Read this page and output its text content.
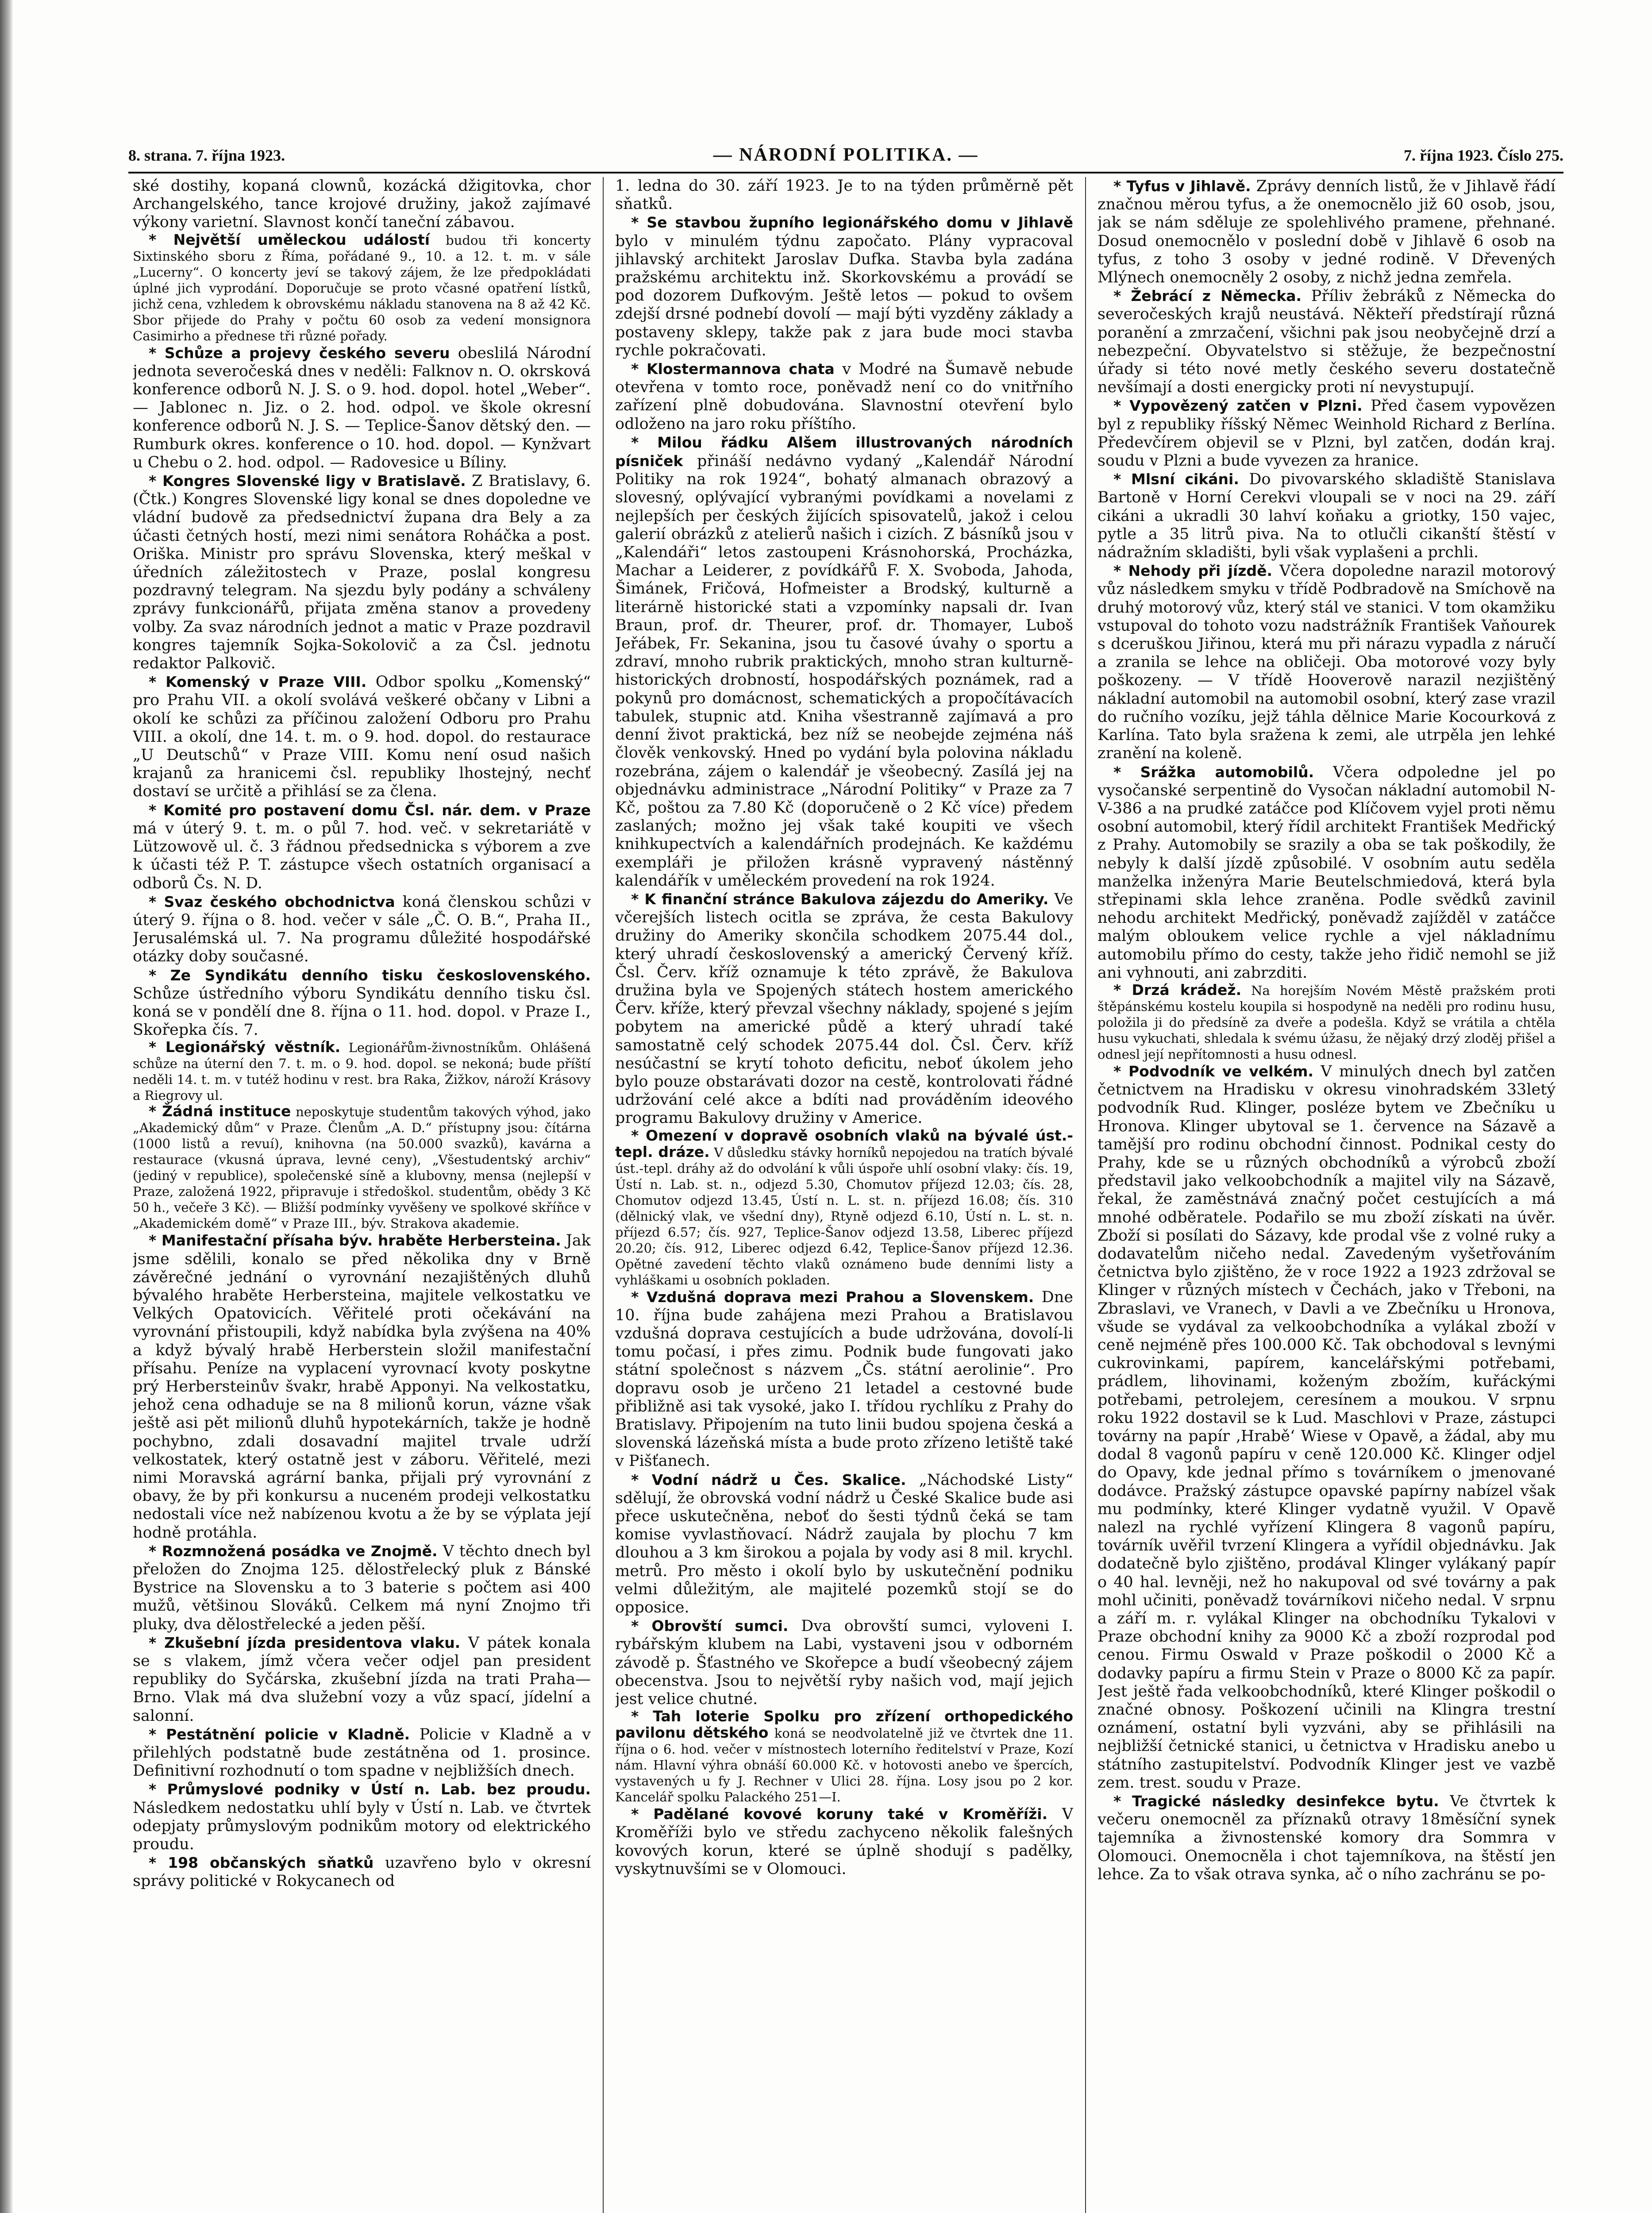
8. strana. 7. října 1923.	— NÁRODNÍ POLITIKA. —	7. října 1923. Číslo 275.

ské dostihy, kopaná clownů, kozácká džigitovka, chor Archangelského, tance krojové družiny, jakož zajímavé výkony varietní. Slavnost končí taneční zábavou.

* Největší uměleckou událostí budou tři koncerty Sixtinského sboru z Říma, pořádané 9., 10. a 12. t. m. v sále „Lucerny“. O koncerty jeví se takový zájem, že lze předpokládati úplné jich vyprodání. Doporučuje se proto včasné opatření lístků, jichž cena, vzhledem k obrovskému nákladu stanovena na 8 až 42 Kč. Sbor přijede do Prahy v počtu 60 osob za vedení monsignora Casimirho a přednese tři různé pořady.

* Schůze a projevy českého severu obeslilá Národní jednota severočeská dnes v neděli: Falknov n. O. okrsková konference odborů N. J. S. o 9. hod. dopol. hotel „Weber“. — Jablonec n. Jiz. o 2. hod. odpol. ve škole okresní konference odborů N. J. S. — Teplice-Šanov dětský den. — Rumburk okres. konference o 10. hod. dopol. — Kynžvart u Chebu o 2. hod. odpol. — Radovesice u Bíliny.

* Kongres Slovenské ligy v Bratislavě. Z Bratislavy, 6. (Čtk.) Kongres Slovenské ligy konal se dnes dopoledne ve vládní budově za předsednictví župana dra Bely a za účasti četných hostí, mezi nimi senátora Roháčka a post. Oriška. Ministr pro správu Slovenska, který meškal v úředních záležitostech v Praze, poslal kongresu pozdravný telegram. Na sjezdu byly podány a schváleny zprávy funkcionářů, přijata změna stanov a provedeny volby. Za svaz národních jednot a matic v Praze pozdravil kongres tajemník Sojka-Sokolovič a za Čsl. jednotu redaktor Palkovič.

* Komenský v Praze VIII. Odbor spolku „Komenský“ pro Prahu VII. a okolí svolává veškeré občany v Libni a okolí ke schůzi za příčinou založení Odboru pro Prahu VIII. a okolí, dne 14. t. m. o 9. hod. dopol. do restaurace „U Deutschů“ v Praze VIII. Komu není osud našich krajanů za hranicemi čsl. republiky lhostejný, nechť dostaví se určitě a přihlásí se za člena.

* Komité pro postavení domu Čsl. nár. dem. v Praze má v úterý 9. t. m. o půl 7. hod. več. v sekretariátě v Lützowově ul. č. 3 řádnou předsednicka s výborem a zve k účasti též P. T. zástupce všech ostatních organisací a odborů Čs. N. D.

* Svaz českého obchodnictva koná členskou schůzi v úterý 9. října o 8. hod. večer v sále „Č. O. B.“, Praha II., Jerusalémská ul. 7. Na programu důležité hospodářské otázky doby současné.

* Ze Syndikátu denního tisku československého. Schůze ústředního výboru Syndikátu denního tisku čsl. koná se v pondělí dne 8. října o 11. hod. dopol. v Praze I., Skořepka čís. 7.

* Legionářský věstník. Legionářům-živnostníkům. Ohlášená schůze na úterní den 7. t. m. o 9. hod. dopol. se nekoná; bude příští neděli 14. t. m. v tutéž hodinu v rest. bra Raka, Žižkov, nároží Krásovy a Riegrovy ul.

* Žádná instituce neposkytuje studentům takových výhod, jako „Akademický dům“ v Praze. Členům „A. D.“ přístupny jsou: čítárna (1000 listů a revuí), knihovna (na 50.000 svazků), kavárna a restaurace (vkusná úprava, levné ceny), „Všestudentský archiv“ (jediný v republice), společenské síně a klubovny, mensa (nejlepší v Praze, založená 1922, připravuje i středoškol. studentům, obědy 3 Kč 50 h., večeře 3 Kč). — Bližší podmínky vyvěšeny ve spolkové skříňce v „Akademickém domě“ v Praze III., býv. Strakova akademie.

* Manifestační přísaha býv. hraběte Herbersteina. Jak jsme sdělili, konalo se před několika dny v Brně závěrečné jednání o vyrovnání nezajištěných dluhů bývalého hraběte Herbersteina, majitele velkostatku ve Velkých Opatovicích. Věřitelé proti očekávání na vyrovnání přistoupili, když nabídka byla zvýšena na 40% a když bývalý hrabě Herberstein složil manifestační přísahu. Peníze na vyplacení vyrovnací kvoty poskytne prý Herbersteinův švakr, hrabě Apponyi. Na velkostatku, jehož cena odhaduje se na 8 milionů korun, vázne však ještě asi pět milionů dluhů hypotekárních, takže je hodně pochybno, zdali dosavadní majitel trvale udrží velkostatek, který ostatně jest v záboru. Věřitelé, mezi nimi Moravská agrární banka, přijali prý vyrovnání z obavy, že by při konkursu a nuceném prodeji velkostatku nedostali více než nabízenou kvotu a že by se výplata její hodně protáhla.

* Rozmnožená posádka ve Znojmě. V těchto dnech byl přeložen do Znojma 125. dělostřelecký pluk z Bánské Bystrice na Slovensku a to 3 baterie s počtem asi 400 mužů, většinou Slováků. Celkem má nyní Znojmo tři pluky, dva dělostřelecké a jeden pěší.

* Zkušební jízda presidentova vlaku. V pátek konala se s vlakem, jímž včera večer odjel pan president republiky do Syčárska, zkušební jízda na trati Praha—Brno. Vlak má dva služební vozy a vůz spací, jídelní a salonní.

* Pestátnění policie v Kladně. Policie v Kladně a v přilehlých podstatně bude zestátněna od 1. prosince. Definitivní rozhodnutí o tom spadne v nejbližších dnech.

* Průmyslové podniky v Ústí n. Lab. bez proudu. Následkem nedostatku uhlí byly v Ústí n. Lab. ve čtvrtek odepjaty průmyslovým podnikům motory od elektrického proudu.

* 198 občanských sňatků uzavřeno bylo v okresní správy politické v Rokycanech od

1. ledna do 30. září 1923. Je to na týden průměrně pět sňatků.

* Se stavbou župního legionářského domu v Jihlavě bylo v minulém týdnu započato. Plány vypracoval jihlavský architekt Jaroslav Dufka. Stavba byla zadána pražskému architektu inž. Skorkovskému a provádí se pod dozorem Dufkovým. Ještě letos — pokud to ovšem zdejší drsné podnebí dovolí — mají býti vyzděny základy a postaveny sklepy, takže pak z jara bude moci stavba rychle pokračovati.

* Klostermannova chata v Modré na Šumavě nebude otevřena v tomto roce, poněvadž není co do vnitřního zařízení plně dobudována. Slavnostní otevření bylo odloženo na jaro roku příštího.

* Milou řádku Alšem illustrovaných národních písniček přináší nedávno vydaný „Kalendář Národní Politiky na rok 1924“, bohatý almanach obrazový a slovesný, oplývající vybranými povídkami a novelami z nejlepších per českých žijících spisovatelů, jakož i celou galerií obrázků z atelierů našich i cizích. Z básníků jsou v „Kalendáři“ letos zastoupeni Krásnohorská, Procházka, Machar a Leiderer, z povídkářů F. X. Svoboda, Jahoda, Šimánek, Fričová, Hofmeister a Brodský, kulturně a literárně historické stati a vzpomínky napsali dr. Ivan Braun, prof. dr. Theurer, prof. dr. Thomayer, Luboš Jeřábek, Fr. Sekanina, jsou tu časové úvahy o sportu a zdraví, mnoho rubrik praktických, mnoho stran kulturně-historických drobností, hospodářských poznámek, rad a pokynů pro domácnost, schematických a propočítávacích tabulek, stupnic atd. Kniha všestranně zajímavá a pro denní život praktická, bez níž se neobejde zejména náš člověk venkovský. Hned po vydání byla polovina nákladu rozebrána, zájem o kalendář je všeobecný. Zasílá jej na objednávku administrace „Národní Politiky“ v Praze za 7 Kč, poštou za 7.80 Kč (doporučeně o 2 Kč více) předem zaslaných; možno jej však také koupiti ve všech knihkupectvích a kalendářních prodejnách. Ke každému exempláři je přiložen krásně vypravený nástěnný kalendářík v uměleckém provedení na rok 1924.

* K finanční stránce Bakulova zájezdu do Ameriky. Ve včerejších listech ocitla se zpráva, že cesta Bakulovy družiny do Ameriky skončila schodkem 2075.44 dol., který uhradí československý a americký Červený kříž. Čsl. Červ. kříž oznamuje k této zprávě, že Bakulova družina byla ve Spojených státech hostem amerického Červ. kříže, který převzal všechny náklady, spojené s jejím pobytem na americké půdě a který uhradí také samostatně celý schodek 2075.44 dol. Čsl. Červ. kříž nesúčastní se krytí tohoto deficitu, neboť úkolem jeho bylo pouze obstarávati dozor na cestě, kontrolovati řádné udržování celé akce a bdíti nad prováděním ideového programu Bakulovy družiny v Americe.

* Omezení v dopravě osobních vlaků na bývalé úst.-tepl. dráze. V důsledku stávky horníků nepojedou na tratích bývalé úst.-tepl. dráhy až do odvolání k vůli úspoře uhlí osobní vlaky: čís. 19, Ústí n. Lab. st. n., odjezd 5.30, Chomutov příjezd 12.03; čís. 28, Chomutov odjezd 13.45, Ústí n. L. st. n. příjezd 16.08; čís. 310 (dělnický vlak, ve všední dny), Rtyně odjezd 6.10, Ústí n. L. st. n. příjezd 6.57; čís. 927, Teplice-Šanov odjezd 13.58, Liberec příjezd 20.20; čís. 912, Liberec odjezd 6.42, Teplice-Šanov příjezd 12.36. Opětné zavedení těchto vlaků oznámeno bude denními listy a vyhláškami u osobních pokladen.

* Vzdušná doprava mezi Prahou a Slovenskem. Dne 10. října bude zahájena mezi Prahou a Bratislavou vzdušná doprava cestujících a bude udržována, dovolí-li tomu počasí, i přes zimu. Podnik bude fungovati jako státní společnost s názvem „Čs. státní aerolinie“. Pro dopravu osob je určeno 21 letadel a cestovné bude přibližně asi tak vysoké, jako I. třídou rychlíku z Prahy do Bratislavy. Připojením na tuto linii budou spojena česká a slovenská lázeňská místa a bude proto zřízeno letiště také v Pišťanech.

* Vodní nádrž u Čes. Skalice. „Náchodské Listy“ sdělují, že obrovská vodní nádrž u České Skalice bude asi přece uskutečněna, neboť do šesti týdnů čeká se tam komise vyvlastňovací. Nádrž zaujala by plochu 7 km dlouhou a 3 km širokou a pojala by vody asi 8 mil. krychl. metrů. Pro město i okolí bylo by uskutečnění podniku velmi důležitým, ale majitelé pozemků stojí se do opposice.

* Obrovští sumci. Dva obrovští sumci, vyloveni I. rybářským klubem na Labi, vystaveni jsou v odborném závodě p. Šťastného ve Skořepce a budí všeobecný zájem obecenstva. Jsou to největší ryby našich vod, mají jejich jest velice chutné.

* Tah loterie Spolku pro zřízení orthopedického pavilonu dětského koná se neodvolatelně již ve čtvrtek dne 11. října o 6. hod. večer v místnostech loterního ředitelství v Praze, Kozí nám. Hlavní výhra obnáší 60.000 Kč. v hotovosti anebo ve špercích, vystavených u fy J. Rechner v Ulici 28. října. Losy jsou po 2 kor. Kancelář spolku Palackého 251—I.

* Padělané kovové koruny také v Kroměříži. V Kroměříži bylo ve středu zachyceno několik falešných kovových korun, které se úplně shodují s padělky, vyskytnuvšími se v Olomouci.

* Tyfus v Jihlavě. Zprávy denních listů, že v Jihlavě řádí značnou měrou tyfus, a že onemocnělo již 60 osob, jsou, jak se nám sděluje ze spolehlivého pramene, přehnané. Dosud onemocnělo v poslední době v Jihlavě 6 osob na tyfus, z toho 3 osoby v jedné rodině. V Dřevených Mlýnech onemocněly 2 osoby, z nichž jedna zemřela.

* Žebrácí z Německa. Příliv žebráků z Německa do severočeských krajů neustává. Někteří předstírají různá poranění a zmrzačení, všichni pak jsou neobyčejně drzí a nebezpeční. Obyvatelstvo si stěžuje, že bezpečnostní úřady si této nové metly českého severu dostatečně nevšímají a dosti energicky proti ní nevystupují.

* Vypovězený zatčen v Plzni. Před časem vypovězen byl z republiky říšský Němec Weinhold Richard z Berlína. Předevčírem objevil se v Plzni, byl zatčen, dodán kraj. soudu v Plzni a bude vyvezen za hranice.

* Mlsní cikáni. Do pivovarského skladiště Stanislava Bartoně v Horní Cerekvi vloupali se v noci na 29. září cikáni a ukradli 30 lahví koňaku a griotky, 150 vajec, pytle a 35 litrů piva. Na to otlučli cikanští štěstí v nádražním skladišti, byli však vyplašeni a prchli.

* Nehody při jízdě. Včera dopoledne narazil motorový vůz následkem smyku v třídě Podbradově na Smíchově na druhý motorový vůz, který stál ve stanici. V tom okamžiku vstupoval do tohoto vozu nadstrážník František Vaňourek s dceruškou Jiřinou, která mu při nárazu vypadla z náručí a zranila se lehce na obličeji. Oba motorové vozy byly poškozeny. — V třídě Hooverově narazil nezjištěný nákladní automobil na automobil osobní, který zase vrazil do ručního vozíku, jejž táhla dělnice Marie Kocourková z Karlína. Tato byla sražena k zemi, ale utrpěla jen lehké zranění na koleně.

* Srážka automobilů. Včera odpoledne jel po vysočanské serpentině do Vysočan nákladní automobil N-V-386 a na prudké zatáčce pod Klíčovem vyjel proti němu osobní automobil, který řídil architekt František Medřický z Prahy. Automobily se srazily a oba se tak poškodily, že nebyly k další jízdě způsobilé. V osobním autu seděla manželka inženýra Marie Beutelschmiedová, která byla střepinami skla lehce zraněna. Podle svědků zavinil nehodu architekt Medřický, poněvadž zajížděl v zatáčce malým obloukem velice rychle a vjel nákladnímu automobilu přímo do cesty, takže jeho řidič nemohl se již ani vyhnouti, ani zabrzditi.

* Drzá krádež. Na horejším Novém Městě pražském proti štěpánskému kostelu koupila si hospodyně na neděli pro rodinu husu, položila ji do předsíně za dveře a podešla. Když se vrátila a chtěla husu vykuchati, shledala k svému úžasu, že nějaký drzý zloděj přišel a odnesl její nepřítomnosti a husu odnesl.

* Podvodník ve velkém. V minulých dnech byl zatčen četnictvem na Hradisku v okresu vinohradském 33letý podvodník Rud. Klinger, posléze bytem ve Zbečníku u Hronova. Klinger ubytoval se 1. července na Sázavě a tamější pro rodinu obchodní činnost. Podnikal cesty do Prahy, kde se u různých obchodníků a výrobců zboží představil jako velkoobchodník a majitel vily na Sázavě, řekal, že zaměstnává značný počet cestujících a má mnohé odběratele. Podařilo se mu zboží získati na úvěr. Zboží si posílati do Sázavy, kde prodal vše z volné ruky a dodavatelům ničeho nedal. Zavedeným vyšetřováním četnictva bylo zjištěno, že v roce 1922 a 1923 zdržoval se Klinger v různých místech v Čechách, jako v Třeboni, na Zbraslavi, ve Vranech, v Davli a ve Zbečníku u Hronova, všude se vydával za velkoobchodníka a vylákal zboží v ceně nejméně přes 100.000 Kč. Tak obchodoval s levnými cukrovinkami, papírem, kancelářskými potřebami, prádlem, lihovinami, koženým zbožím, kuřáckými potřebami, petrolejem, ceresínem a moukou. V srpnu roku 1922 dostavil se k Lud. Maschlovi v Praze, zástupci továrny na papír ‚Hrabě‘ Wiese v Opavě, a žádal, aby mu dodal 8 vagonů papíru v ceně 120.000 Kč. Klinger odjel do Opavy, kde jednal přímo s továrníkem o jmenované dodávce. Pražský zástupce opavské papírny nabízel však mu podmínky, které Klinger vydatně využil. V Opavě nalezl na rychlé vyřízení Klingera 8 vagonů papíru, továrník uvěřil tvrzení Klingera a vyřídil objednávku. Jak dodatečně bylo zjištěno, prodával Klinger vylákaný papír o 40 hal. levněji, než ho nakupoval od své továrny a pak mohl učiniti, poněvadž továrníkovi ničeho nedal. V srpnu a září m. r. vylákal Klinger na obchodníku Tykalovi v Praze obchodní knihy za 9000 Kč a zboží rozprodal pod cenou. Firmu Oswald v Praze poškodil o 2000 Kč a dodavky papíru a firmu Stein v Praze o 8000 Kč za papír. Jest ještě řada velkoobchodníků, které Klinger poškodil o značné obnosy. Poškození učinili na Klingra trestní oznámení, ostatní byli vyzváni, aby se přihlásili na nejbližší četnické stanici, u četnictva v Hradisku anebo u státního zastupitelství. Podvodník Klinger jest ve vazbě zem. trest. soudu v Praze.

* Tragické následky desinfekce bytu. Ve čtvrtek k večeru onemocněl za příznaků otravy 18měsíční synek tajemníka a živnostenské komory dra Sommra v Olomouci. Onemocněla i chot tajemníkova, na štěstí jen lehce. Za to však otrava synka, ač o ního zachránu se po-
